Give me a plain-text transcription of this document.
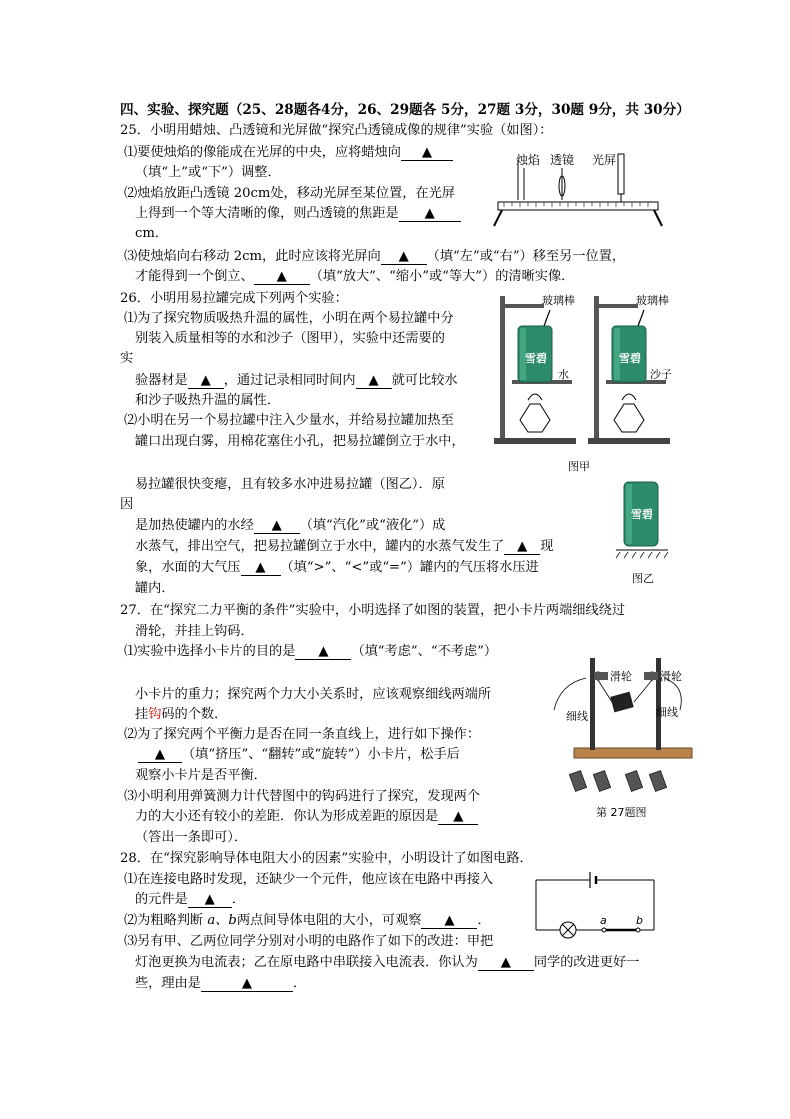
四、实验、探究题（25、28题各4分，26、29题各 5分，27题 3分，30题 9分，共 30分）
25．小明用蜡烛、凸透镜和光屏做“探究凸透镜成像的规律”实验（如图）：
⑴要使烛焰的像能成在光屏的中央，应将蜡烛向 ▲
（填“上”或“下”）调整．
⑵烛焰放距凸透镜 20cm处，移动光屏至某位置，在光屏
上得到一个等大清晰的像，则凸透镜的焦距是 ▲
cm．
⑶使烛焰向右移动 2cm，此时应该将光屏向 ▲ （填“左”或“右”）移至另一位置，
才能得到一个倒立、 ▲ （填“放大”、“缩小”或“等大”）的清晰实像．
烛焰 透镜 光屏
26．小明用易拉罐完成下列两个实验：
⑴为了探究物质吸热升温的属性，小明在两个易拉罐中分
别装入质量相等的水和沙子（图甲），实验中还需要的
实
验器材是 ▲ ，通过记录相同时间内 ▲ 就可比较水
和沙子吸热升温的属性．
⑵小明在另一个易拉罐中注入少量水，并给易拉罐加热至
罐口出现白雾，用棉花塞住小孔，把易拉罐倒立于水中，
易拉罐很快变瘪，且有较多水冲进易拉罐（图乙）．原
因
是加热使罐内的水经 ▲ （填“汽化”或“液化”）成
水蒸气，排出空气，把易拉罐倒立于水中，罐内的水蒸气发生了 ▲ 现
象，水面的大气压 ▲ （填“>”、“<”或“=”）罐内的气压将水压进
罐内．
雪碧
玻璃棒
水
雪碧
玻璃棒
沙子
图甲
雪碧
图乙
27．在“探究二力平衡的条件”实验中，小明选择了如图的装置，把小卡片两端细线绕过
滑轮，并挂上钩码．
⑴实验中选择小卡片的目的是 ▲ （填“考虑”、“不考虑”）
小卡片的重力；探究两个力大小关系时，应该观察细线两端所
挂钩码的个数．
⑵为了探究两个平衡力是否在同一条直线上，进行如下操作：
▲ （填“挤压”、“翻转”或“旋转”）小卡片，松手后
观察小卡片是否平衡．
⑶小明利用弹簧测力计代替图中的钩码进行了探究，发现两个
力的大小还有较小的差距．你认为形成差距的原因是 ▲
（答出一条即可）．
滑轮	滑轮
细线	细线
第 27题图
28．在“探究影响导体电阻大小的因素”实验中，小明设计了如图电路．
⑴在连接电路时发现，还缺少一个元件，他应该在电路中再接入
的元件是 ▲ ．
⑵为粗略判断 a、b两点间导体电阻的大小，可观察 ▲ ．
⑶另有甲、乙两位同学分别对小明的电路作了如下的改进：甲把
灯泡更换为电流表；乙在原电路中串联接入电流表．你认为 ▲ 同学的改进更好一
些，理由是	▲	．
a	b
